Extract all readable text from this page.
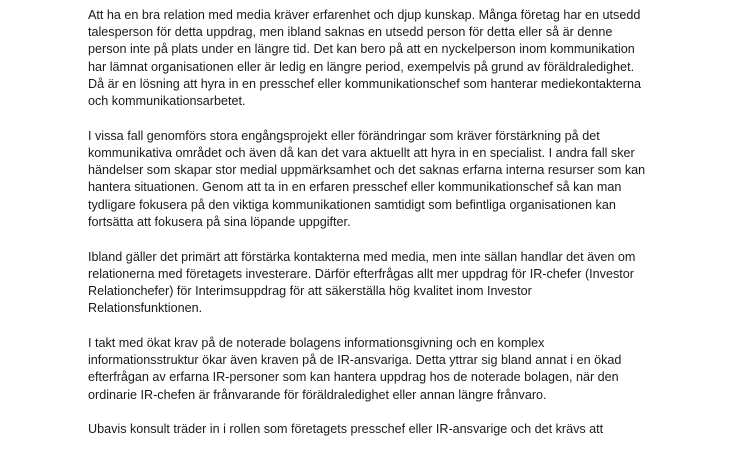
Att ha en bra relation med media kräver erfarenhet och djup kunskap. Många företag har en utsedd
talesperson för detta uppdrag, men ibland saknas en utsedd person för detta eller så är denne
person inte på plats under en längre tid. Det kan bero på att en nyckelperson inom kommunikation
har lämnat organisationen eller är ledig en längre period, exempelvis på grund av föräldraledighet.
Då är en lösning att hyra in en presschef eller kommunikationschef som hanterar mediekontakterna
och kommunikationsarbetet.

I vissa fall genomförs stora engångsprojekt eller förändringar som kräver förstärkning på det
kommunikativa området och även då kan det vara aktuellt att hyra in en specialist. I andra fall sker
händelser som skapar stor medial uppmärksamhet och det saknas erfarna interna resurser som kan
hantera situationen. Genom att ta in en erfaren presschef eller kommunikationschef så kan man
tydligare fokusera på den viktiga kommunikationen samtidigt som befintliga organisationen kan
fortsätta att fokusera på sina löpande uppgifter.

Ibland gäller det primärt att förstärka kontakterna med media, men inte sällan handlar det även om
relationerna med företagets investerare. Därför efterfrågas allt mer uppdrag för IR-chefer (Investor
Relationchefer) för Interimsuppdrag för att säkerställa hög kvalitet inom Investor
Relationsfunktionen.

I takt med ökat krav på de noterade bolagens informationsgivning och en komplex
informationsstruktur ökar även kraven på de IR-ansvariga. Detta yttrar sig bland annat i en ökad
efterfrågan av erfarna IR-personer som kan hantera uppdrag hos de noterade bolagen, när den
ordinarie IR-chefen är frånvarande för föräldraledighet eller annan längre frånvaro.

Ubavis konsult träder in i rollen som företagets presschef eller IR-ansvarige och det krävs att
